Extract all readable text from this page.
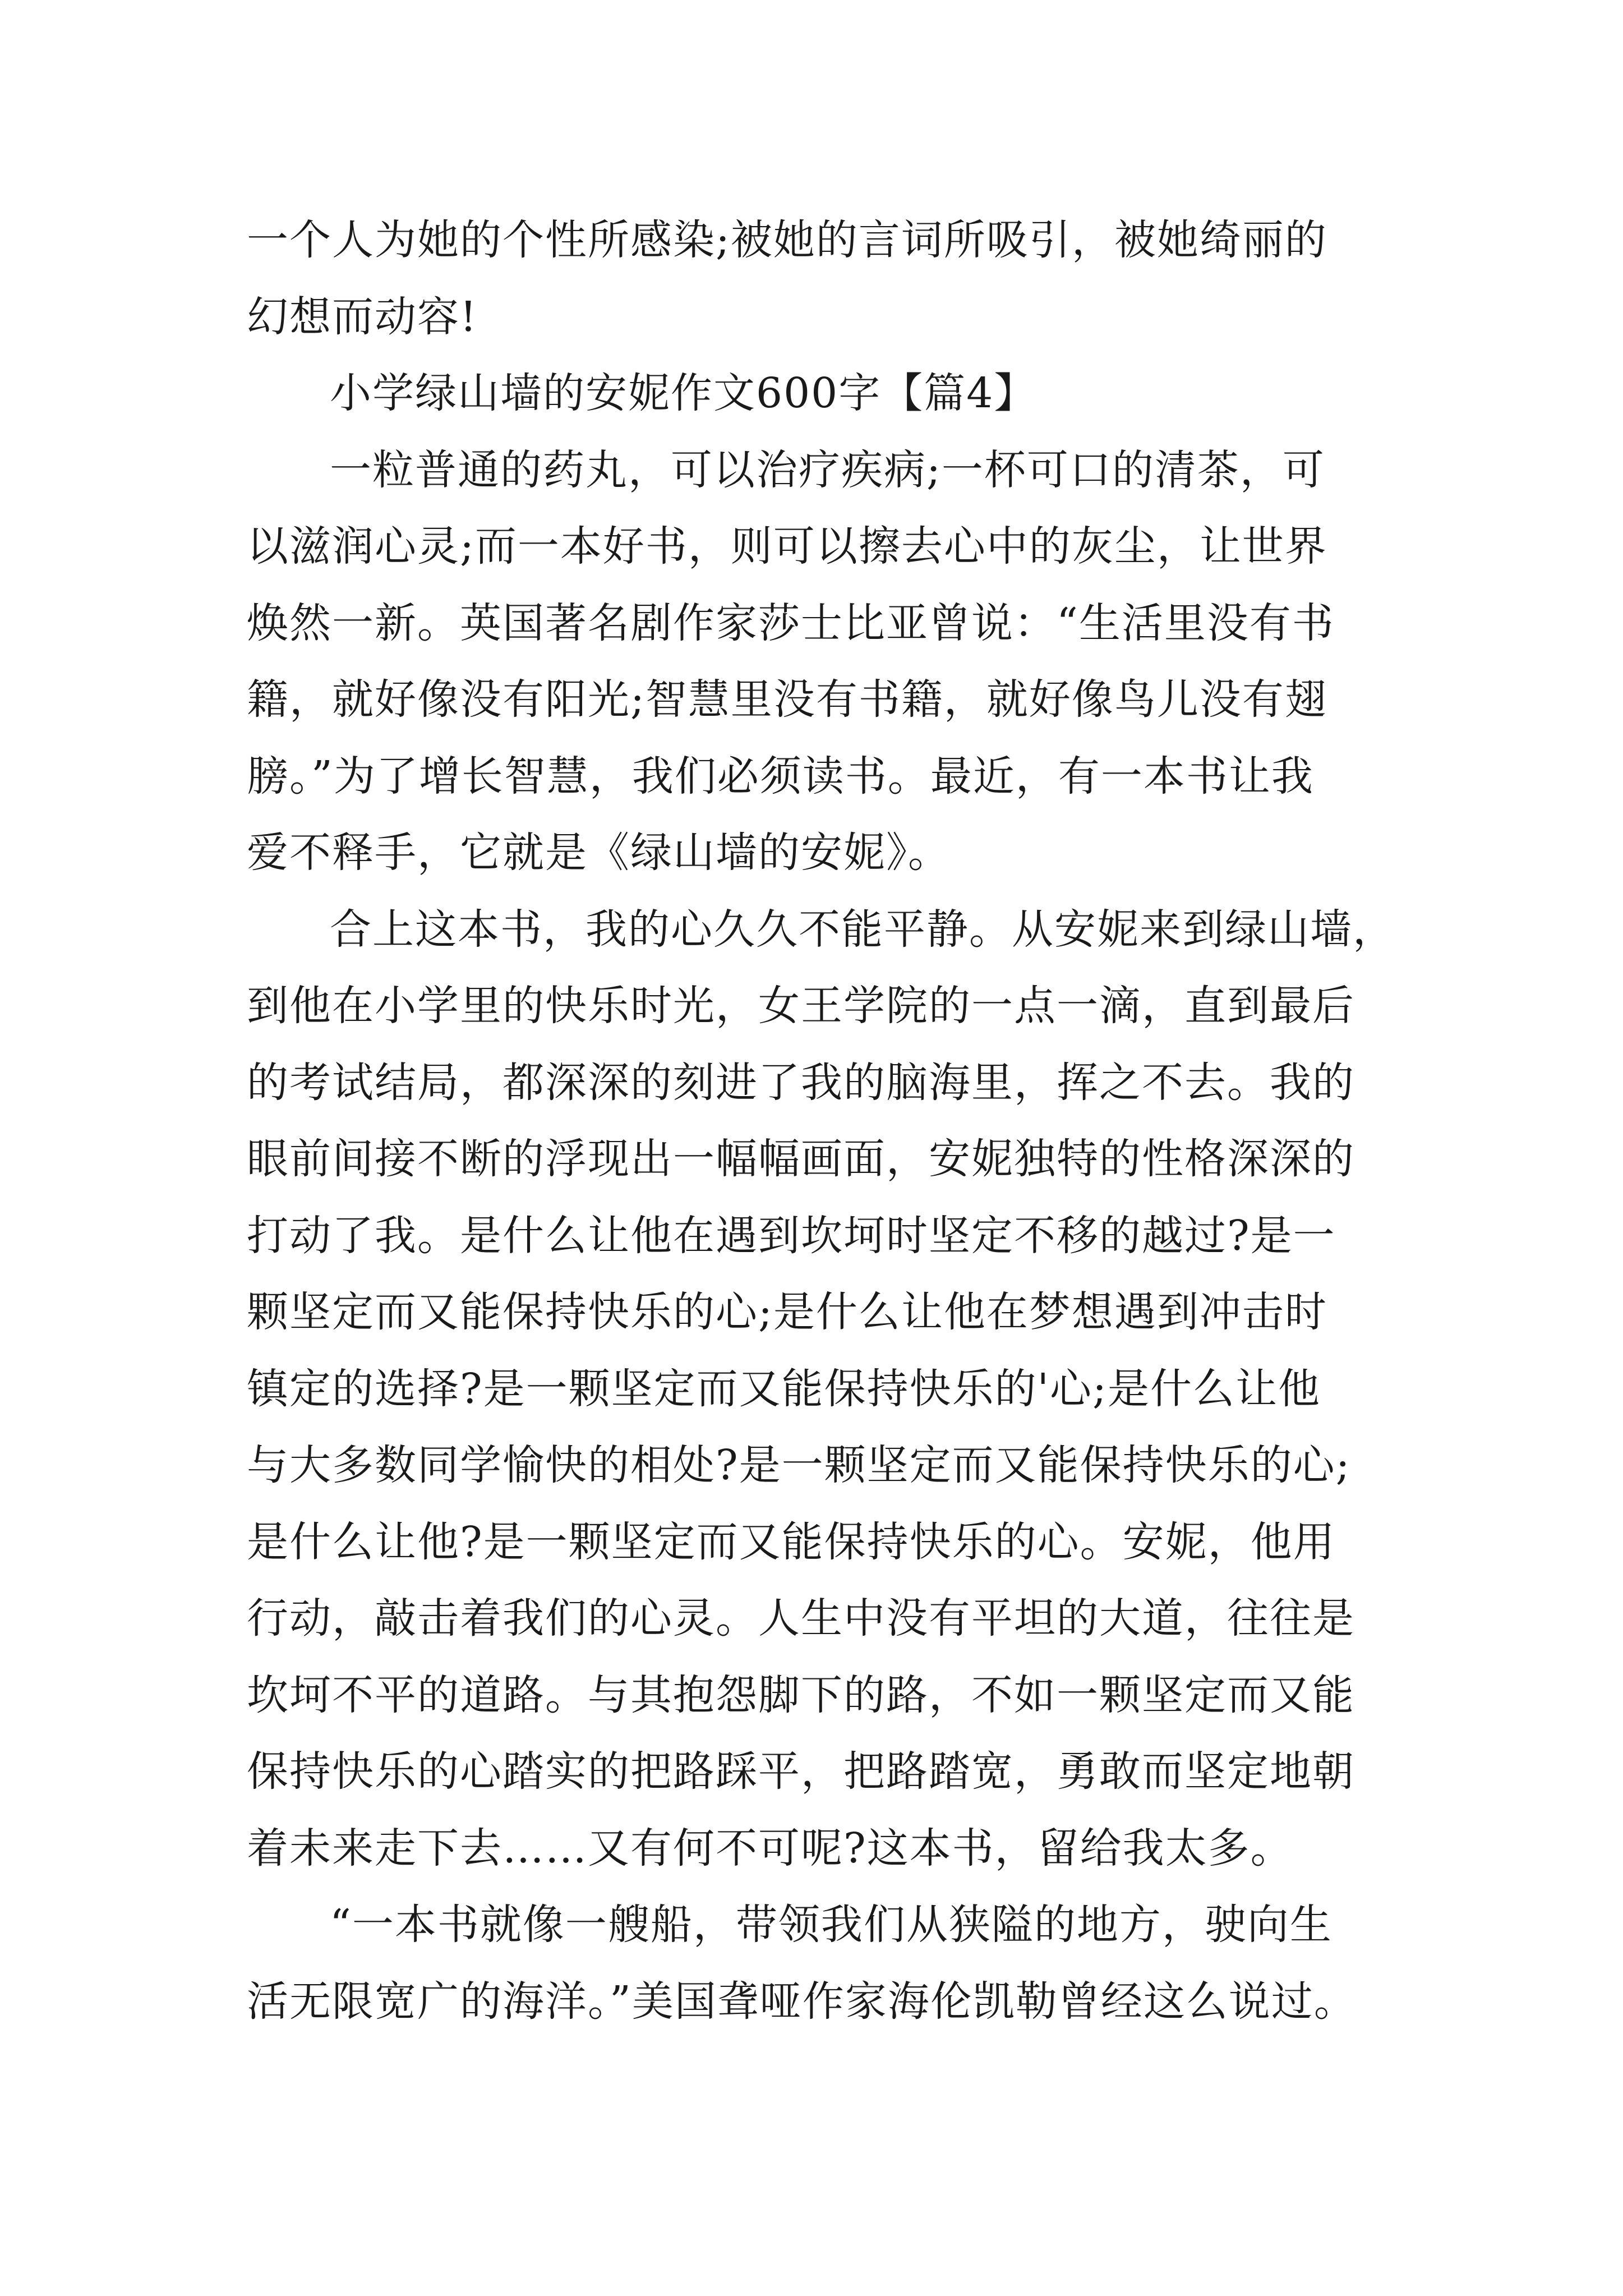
一个人为她的个性所感染;被她的言词所吸引，被她绮丽的
幻想而动容!
小学绿山墙的安妮作文600字【篇4】
一粒普通的药丸，可以治疗疾病;一杯可口的清茶，可
以滋润心灵;而一本好书，则可以擦去心中的灰尘，让世界
焕然一新。英国著名剧作家莎士比亚曾说：“生活里没有书
籍，就好像没有阳光;智慧里没有书籍，就好像鸟儿没有翅
膀。”为了增长智慧，我们必须读书。最近，有一本书让我
爱不释手，它就是《绿山墙的安妮》。
合上这本书，我的心久久不能平静。从安妮来到绿山墙，
到他在小学里的快乐时光，女王学院的一点一滴，直到最后
的考试结局，都深深的刻进了我的脑海里，挥之不去。我的
眼前间接不断的浮现出一幅幅画面，安妮独特的性格深深的
打动了我。是什么让他在遇到坎坷时坚定不移的越过?是一
颗坚定而又能保持快乐的心;是什么让他在梦想遇到冲击时
镇定的选择?是一颗坚定而又能保持快乐的'心;是什么让他
与大多数同学愉快的相处?是一颗坚定而又能保持快乐的心;
是什么让他?是一颗坚定而又能保持快乐的心。安妮，他用
行动，敲击着我们的心灵。人生中没有平坦的大道，往往是
坎坷不平的道路。与其抱怨脚下的路，不如一颗坚定而又能
保持快乐的心踏实的把路踩平，把路踏宽，勇敢而坚定地朝
着未来走下去……又有何不可呢?这本书，留给我太多。
“一本书就像一艘船，带领我们从狭隘的地方，驶向生
活无限宽广的海洋。”美国聋哑作家海伦凯勒曾经这么说过。
